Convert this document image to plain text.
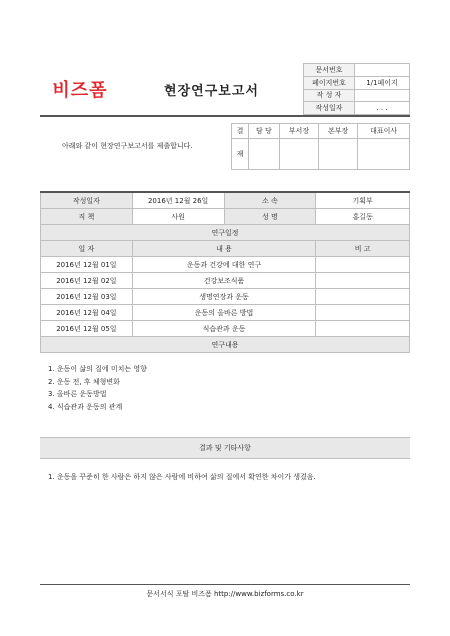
비즈폼	현장연구보고서	문서번호	
		페이지번호	1/1페이지
		작 성 자	
		작성일자	. . .
아래와 같이 현장연구보고서를 제출합니다.
결	담 당	부서장	본부장	대표이사
재				
작성일자	2016년 12월 26일	소 속	기획부
직 책	사원	성 명	홍길동
연구일정			
일 자	내 용		비 고
2016년 12월 01일	운동과 건강에 대한 연구		
2016년 12월 02일	건강보조식품		
2016년 12월 03일	생명연장과 운동		
2016년 12월 04일	운동의 올바른 방법		
2016년 12월 05일	식습관과 운동		
연구내용			
1. 운동이 삶의 질에 미치는 영향
2. 운동 전, 후 체형변화
3. 올바른 운동방법
4. 식습관과 운동의 관계
결과 및 기타사항
1. 운동을 꾸준히 한 사람은 하지 않은 사람에 비하여 삶의 질에서 확연한 차이가 생겼음.
문서서식 포탈 비즈폼 http://www.bizforms.co.kr
